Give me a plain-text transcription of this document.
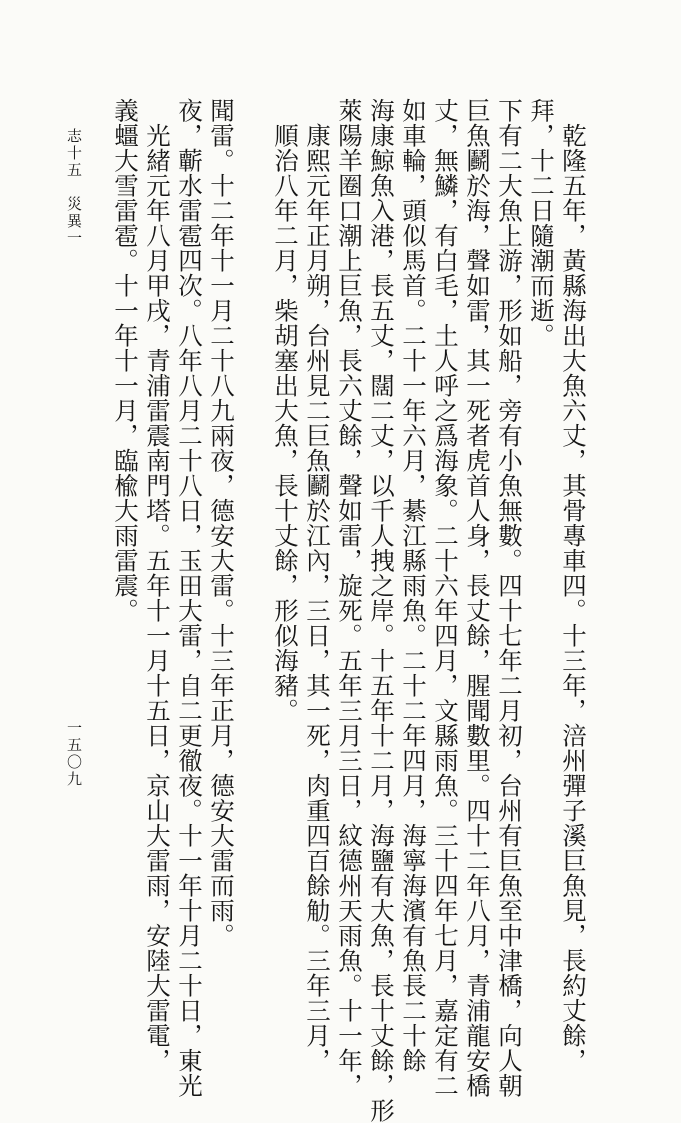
義䗵大雪雷雹。十一年十一月，臨楡大雨雷震。 　光緒元年八月甲戌，青浦雷震南門塔。五年十一月十五日，京山大雷雨，安陸大雷電， 夜，蘄水雷雹四次。八年八月二十八日，玉田大雷，自二更徹夜。十一年十月二十日，東光 聞雷。十二年十一月二十八九兩夜，德安大雷。十三年正月，德安大雷而雨。 　順治八年二月，柴胡塞出大魚，長十丈餘，形似海豬。 　康熙元年正月朔，台州見二巨魚鬬於江內，三日，其一死，肉重四百餘觔。三年三月， 萊陽羊圈口潮上巨魚，長六丈餘，聲如雷，旋死。五年三月三日，紋德州天雨魚。十一年， 海康鯨魚入港，長五丈，闊二丈，以千人拽之岸。十五年十二月，海鹽有大魚，長十丈餘，形 如車輪，頭似馬首。二十一年六月，綦江縣雨魚。二十二年四月，海寧海濱有魚長二十餘 丈，無鱗，有白毛，土人呼之爲海象。二十六年四月，文縣雨魚。三十四年七月，嘉定有二 巨魚鬬於海，聲如雷，其一死者虎首人身，長丈餘，腥聞數里。四十二年八月，青浦龍安橋 下有二大魚上游，形如船，旁有小魚無數。四十七年二月初，台州有巨魚至中津橋，向人朝 拜，十二日隨潮而逝。 　乾隆五年，黃縣海出大魚六丈，其骨專車四。十三年，涪州彈子溪巨魚見，長約丈餘，
志十五　災異一
一五〇九
